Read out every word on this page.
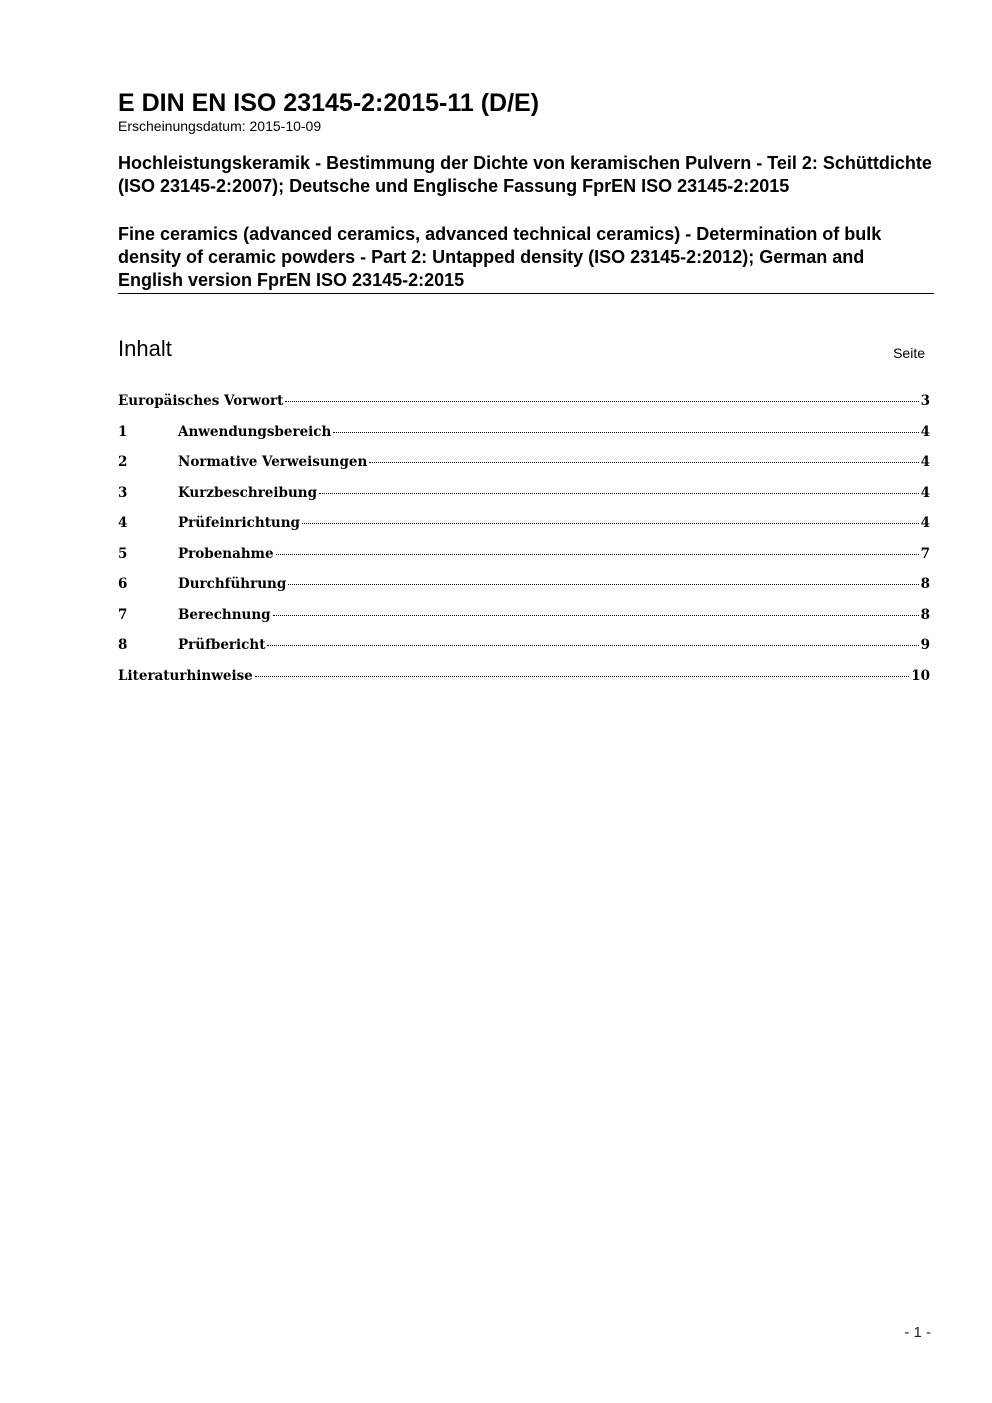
E DIN EN ISO 23145-2:2015-11 (D/E)

Erscheinungsdatum: 2015-10-09

Hochleistungskeramik - Bestimmung der Dichte von keramischen Pulvern - Teil 2: Schüttdichte (ISO 23145-2:2007); Deutsche und Englische Fassung FprEN ISO 23145-2:2015

Fine ceramics (advanced ceramics, advanced technical ceramics) - Determination of bulk density of ceramic powders - Part 2: Untapped density (ISO 23145-2:2012); German and English version FprEN ISO 23145-2:2015

Inhalt	Seite
Europäisches Vorwort	3
1	Anwendungsbereich	4
2	Normative Verweisungen	4
3	Kurzbeschreibung	4
4	Prüfeinrichtung	4
5	Probenahme	7
6	Durchführung	8
7	Berechnung	8
8	Prüfbericht	9
Literaturhinweise	10
- 1 -
